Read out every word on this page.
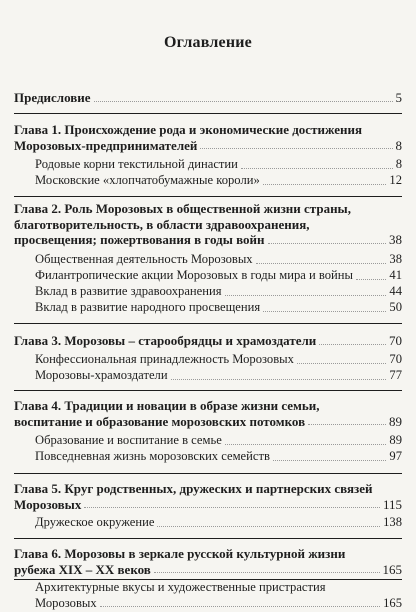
Оглавление
Предисловие	5
Глава 1. Происхождение рода и экономические достижения
Морозовых-предпринимателей	8
Родовые корни текстильной династии	8
Московские «хлопчатобумажные короли»	12
Глава 2. Роль Морозовых в общественной жизни страны,
благотворительность, в области здравоохранения,
просвещения; пожертвования в годы войн	38
Общественная деятельность Морозовых	38
Филантропические акции Морозовых в годы мира и войны	41
Вклад в развитие здравоохранения	44
Вклад в развитие народного просвещения	50
Глава 3. Морозовы – старообрядцы и храмоздатели	70
Конфессиональная принадлежность Морозовых	70
Морозовы-храмоздатели	77
Глава 4. Традиции и новации в образе жизни семьи,
воспитание и образование морозовских потомков	89
Образование и воспитание в семье	89
Повседневная жизнь морозовских семейств	97
Глава 5. Круг родственных, дружеских и партнерских связей
Морозовых	115
Дружеское окружение	138
Глава 6. Морозовы в зеркале русской культурной жизни
рубежа XIX – XX веков	165
Архитектурные вкусы и художественные пристрастия
Морозовых	165
